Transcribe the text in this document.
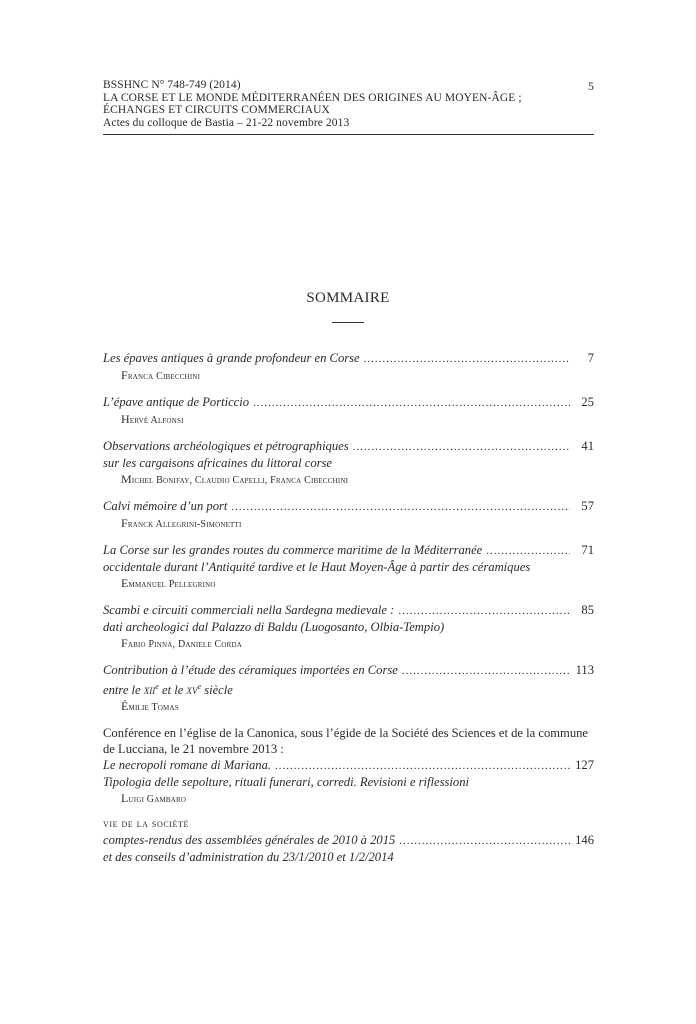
BSSHNC N° 748-749 (2014)
LA CORSE ET LE MONDE MÉDITERRANÉEN DES ORIGINES AU MOYEN-ÂGE ;
ÉCHANGES ET CIRCUITS COMMERCIAUX
Actes du colloque de Bastia – 21-22 novembre 2013
5
SOMMAIRE
Les épaves antiques à grande profondeur en Corse .....	7
Franca Cibecchini
L’épave antique de Porticcio .....	25
Hervé Alfonsi
Observations archéologiques et pétrographiques .....	41
sur les cargaisons africaines du littoral corse
Michel Bonifay, Claudio Capelli, Franca Cibecchini
Calvi mémoire d’un port .....	57
Franck Allegrini-Simonetti
La Corse sur les grandes routes du commerce maritime de la Méditerranée .....	71
occidentale durant l’Antiquité tardive et le Haut Moyen-Âge à partir des céramiques
Emmanuel Pellegrino
Scambi e circuiti commerciali nella Sardegna medievale : .....	85
dati archeologici dal Palazzo di Baldu (Luogosanto, Olbia-Tempio)
Fabio Pinna, Daniele Corda
Contribution à l’étude des céramiques importées en Corse .....	113
entre le xii$^e$ et le $xv^e$ siècle
Émilie Tomas
Conférence en l’église de la Canonica, sous l’égide de la Société des Sciences et de la commune de Lucciana, le 21 novembre 2013 :
Le necropoli romane di Mariana. .....	127
Tipologia delle sepolture, rituali funerari, corredi. Revisioni e riflessioni
Luigi Gambaro
vie de la société
comptes-rendus des assemblées générales de 2010 à 2015 .....	146
et des conseils d’administration du 23/1/2010 et 1/2/2014
